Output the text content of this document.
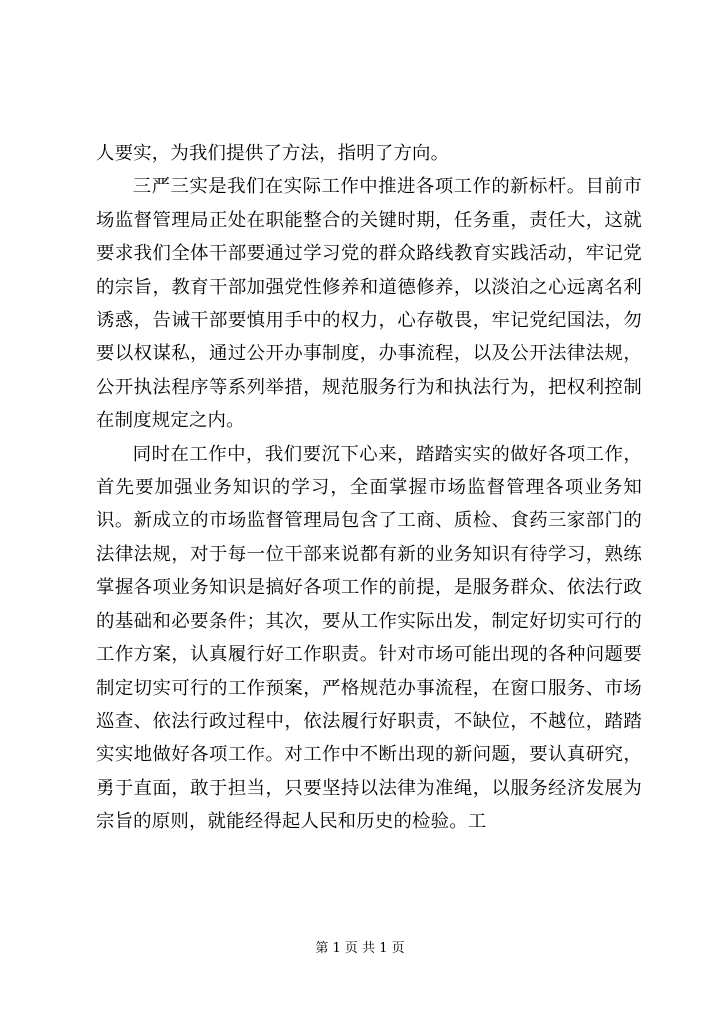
人要实，为我们提供了方法，指明了方向。

三严三实是我们在实际工作中推进各项工作的新标杆。目前市场监督管理局正处在职能整合的关键时期，任务重，责任大，这就要求我们全体干部要通过学习党的群众路线教育实践活动，牢记党的宗旨，教育干部加强党性修养和道德修养，以淡泊之心远离名利诱惑，告诫干部要慎用手中的权力，心存敬畏，牢记党纪国法，勿要以权谋私，通过公开办事制度，办事流程，以及公开法律法规，公开执法程序等系列举措，规范服务行为和执法行为，把权利控制在制度规定之内。

同时在工作中，我们要沉下心来，踏踏实实的做好各项工作，首先要加强业务知识的学习，全面掌握市场监督管理各项业务知识。新成立的市场监督管理局包含了工商、质检、食药三家部门的法律法规，对于每一位干部来说都有新的业务知识有待学习，熟练掌握各项业务知识是搞好各项工作的前提，是服务群众、依法行政的基础和必要条件；其次，要从工作实际出发，制定好切实可行的工作方案，认真履行好工作职责。针对市场可能出现的各种问题要制定切实可行的工作预案，严格规范办事流程，在窗口服务、市场巡查、依法行政过程中，依法履行好职责，不缺位，不越位，踏踏实实地做好各项工作。对工作中不断出现的新问题，要认真研究，勇于直面，敢于担当，只要坚持以法律为准绳，以服务经济发展为宗旨的原则，就能经得起人民和历史的检验。工

第 1 页 共 1 页
